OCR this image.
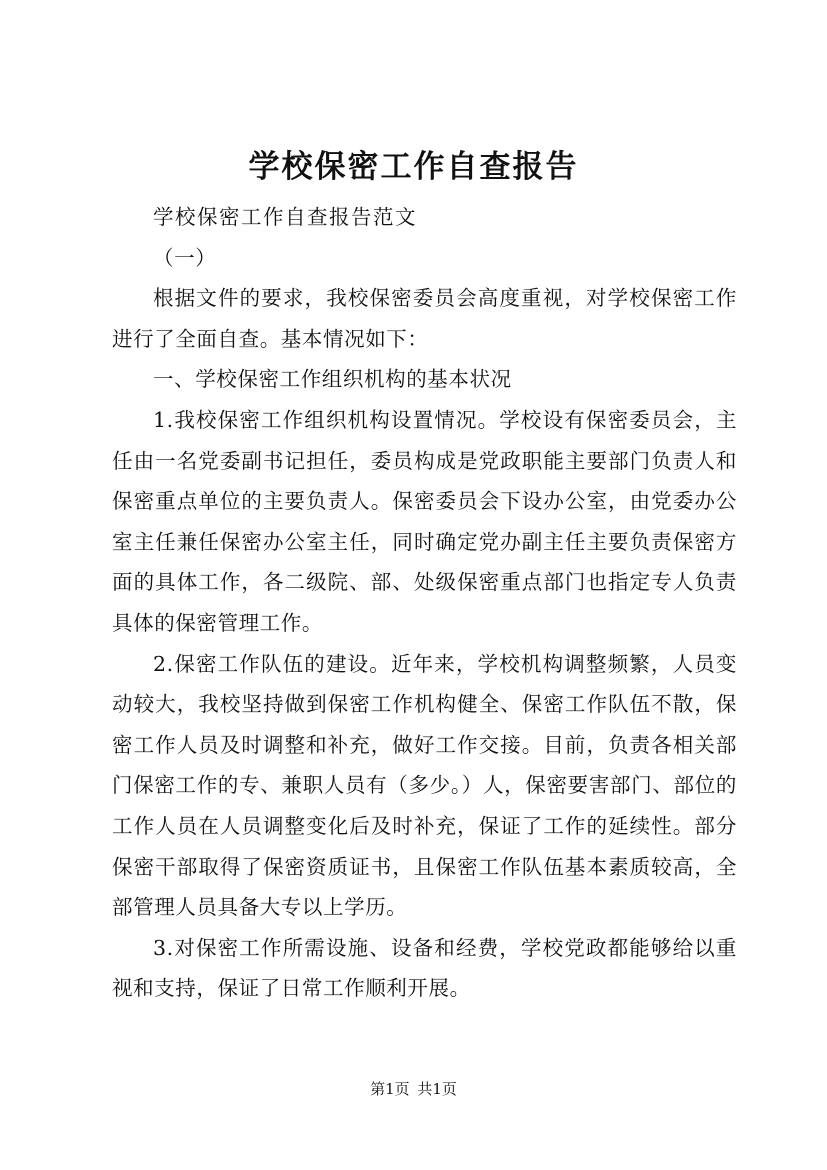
学校保密工作自查报告

学校保密工作自查报告范文

（一）

根据文件的要求，我校保密委员会高度重视，对学校保密工作进行了全面自查。基本情况如下：

一、学校保密工作组织机构的基本状况

1.我校保密工作组织机构设置情况。学校设有保密委员会，主任由一名党委副书记担任，委员构成是党政职能主要部门负责人和保密重点单位的主要负责人。保密委员会下设办公室，由党委办公室主任兼任保密办公室主任，同时确定党办副主任主要负责保密方面的具体工作，各二级院、部、处级保密重点部门也指定专人负责具体的保密管理工作。

2.保密工作队伍的建设。近年来，学校机构调整频繁，人员变动较大，我校坚持做到保密工作机构健全、保密工作队伍不散，保密工作人员及时调整和补充，做好工作交接。目前，负责各相关部门保密工作的专、兼职人员有（多少。）人，保密要害部门、部位的工作人员在人员调整变化后及时补充，保证了工作的延续性。部分保密干部取得了保密资质证书，且保密工作队伍基本素质较高，全部管理人员具备大专以上学历。

3.对保密工作所需设施、设备和经费，学校党政都能够给以重视和支持，保证了日常工作顺利开展。

第1页 共1页
